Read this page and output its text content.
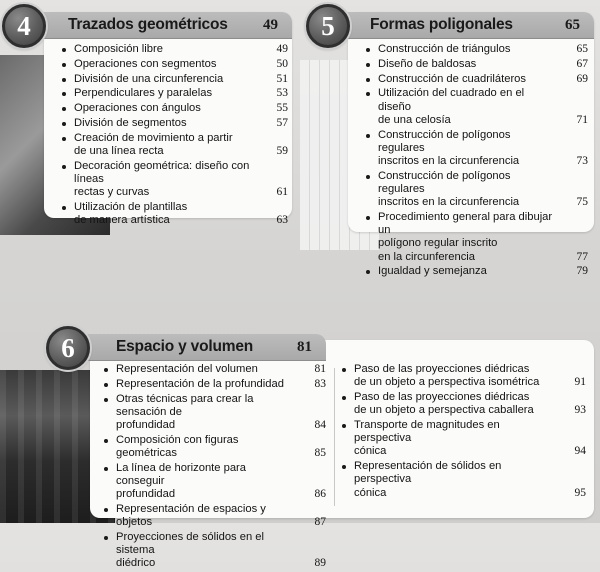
Trazados geométricos 49
4
Composición libre	49
Operaciones con segmentos	50
División de una circunferencia	51
Perpendiculares y paralelas	53
Operaciones con ángulos	55
División de segmentos	57
Creación de movimiento a partir
de una línea recta	59
Decoración geométrica: diseño con líneas
rectas y curvas	61
Utilización de plantillas
de manera artística	63
Formas poligonales	65
5
Construcción de triángulos	65
Diseño de baldosas	67
Construcción de cuadriláteros	69
Utilización del cuadrado en el diseño
de una celosía	71
Construcción de polígonos regulares
inscritos en la circunferencia	73
Construcción de polígonos regulares
inscritos en la circunferencia	75
Procedimiento general para dibujar un
polígono regular inscrito
en la circunferencia	77
Igualdad y semejanza	79
Espacio y volumen	81
6
Representación del volumen	81
Representación de la profundidad	83
Otras técnicas para crear la sensación de
profundidad	84
Composición con figuras geométricas	85
La línea de horizonte para conseguir
profundidad	86
Representación de espacios y objetos	87
Proyecciones de sólidos en el sistema
diédrico	89
Paso de las proyecciones diédricas
de un objeto a perspectiva isométrica	91
Paso de las proyecciones diédricas
de un objeto a perspectiva caballera	93
Transporte de magnitudes en perspectiva
cónica	94
Representación de sólidos en perspectiva
cónica	95
